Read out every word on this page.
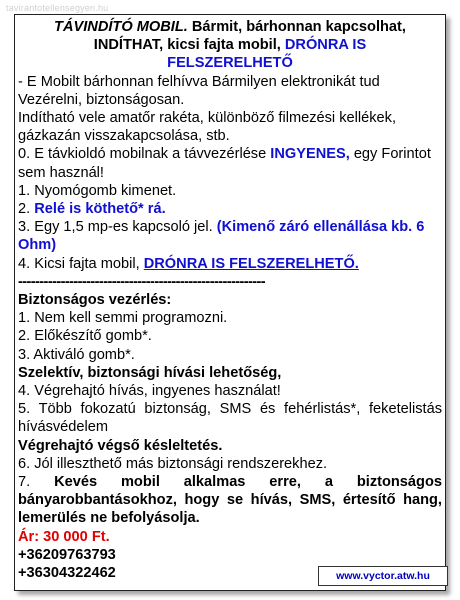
tavirantotellensegyen.hu

TÁVINDÍTÓ MOBIL. Bármit, bárhonnan kapcsolhat,

INDÍTHAT, kicsi fajta mobil, DRÓNRA IS

FELSZERELHETŐ

- E Mobilt bárhonnan felhívva Bármilyen elektronikát tud Vezérelni, biztonságosan.

Indítható vele amatőr rakéta, különböző filmezési kellékek, gázkazán visszakapcsolása, stb.

0. E távkioldó mobilnak a távvezérlése INGYENES, egy Forintot sem használ!

1. Nyomógomb kimenet.

2. Relé is köthető* rá.

3. Egy 1,5 mp-es kapcsoló jel. (Kimenő záró ellenállása kb. 6 Ohm)

4. Kicsi fajta mobil, DRÓNRA IS FELSZERELHETŐ.

----------------------------------------------------------

Biztonságos vezérlés:

1. Nem kell semmi programozni.

2. Előkészítő gomb*.

3. Aktiváló gomb*.

Szelektív, biztonsági hívási lehetőség,

4. Végrehajtó hívás, ingyenes használat!

5. Több fokozatú biztonság, SMS és fehérlistás*, feketelistás hívásvédelem

Végrehajtó végső késleltetés.

6. Jól illeszthető más biztonsági rendszerekhez.

7. Kevés mobil alkalmas erre, a biztonságos bányarobbantásokhoz, hogy se hívás, SMS, értesítő hang, lemerülés ne befolyásolja.

Ár: 30 000 Ft.

+36209763793

+36304322462	www.vyctor.atw.hu
